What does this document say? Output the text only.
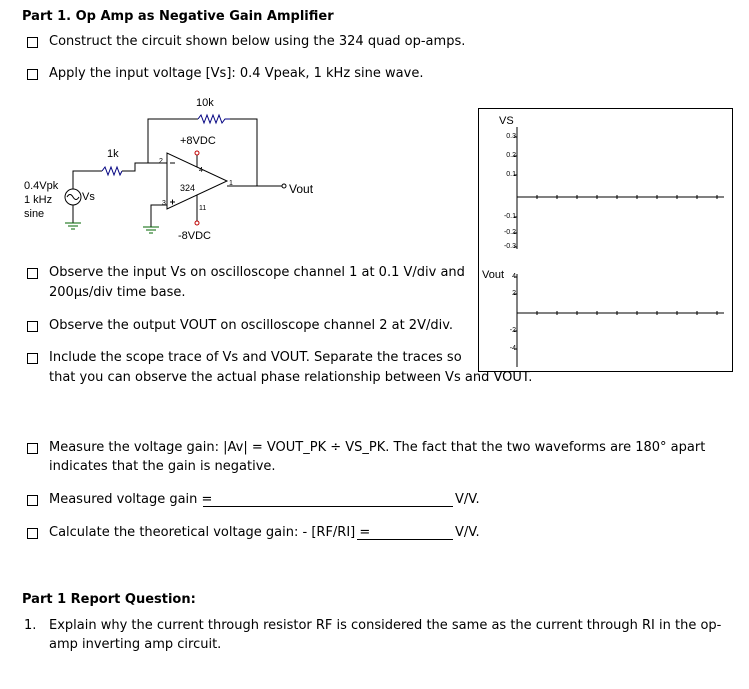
Part 1. Op Amp as Negative Gain Amplifier
Construct the circuit shown below using the 324 quad op-amps.
Apply the input voltage [Vs]: 0.4 Vpeak, 1 kHz sine wave.
10k
1k
+8VDC
-8VDC
324
2
3
4
11
1	Vout
Vs
0.4Vpk
1 kHz
sine
Observe the input Vs on oscilloscope channel 1 at 0.1 V/div and
200µs/div time base.
Observe the output VOUT on oscilloscope channel 2 at 2V/div.
Include the scope trace of Vs and VOUT. Separate the traces so
that you can observe the actual phase relationship between Vs and VOUT.
VS
Vout
0.3
0.2
0.1
-0.1
-0.2
-0.3
4
2
-2
-4
Measure the voltage gain: |Av| = VOUT_PK ÷ VS_PK. The fact that the two waveforms are 180° apart
indicates that the gain is negative.
Measured voltage gain =	V/V.
Calculate the theoretical voltage gain: - [RF/RI] =	V/V.
Part 1 Report Question:
1. Explain why the current through resistor RF is considered the same as the current through RI in the op-
amp inverting amp circuit.
